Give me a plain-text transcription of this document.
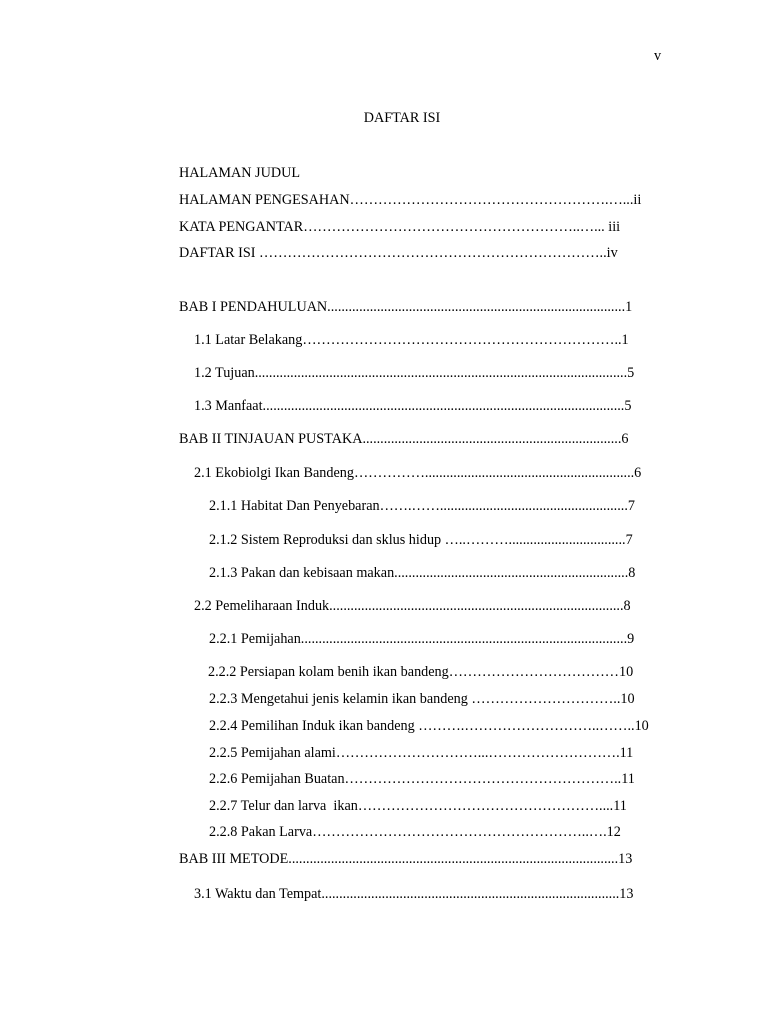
v
DAFTAR ISI
HALAMAN JUDUL
HALAMAN PENGESAHAN……………………………………………….…...ii
KATA PENGANTAR…………………………………………………..…... iii
DAFTAR ISI ………………………………………………………………..iv
BAB I PENDAHULUAN....................................................................................1
1.1 Latar Belakang…………………………………………………………..1
1.2 Tujuan.........................................................................................................5
1.3 Manfaat......................................................................................................5
BAB II TINJAUAN PUSTAKA.........................................................................6
2.1 Ekobiolgi Ikan Bandeng……………...........................................................6
2.1.1 Habitat Dan Penyebaran…….…….....................................................7
2.1.2 Sistem Reproduksi dan sklus hidup …..……….................................7
2.1.3 Pakan dan kebisaan makan..................................................................8
2.2 Pemeliharaan Induk...................................................................................8
2.2.1 Pemijahan............................................................................................9
2.2.2 Persiapan kolam benih ikan bandeng………………………………10
2.2.3 Mengetahui jenis kelamin ikan bandeng …………………………..10
2.2.4 Pemilihan Induk ikan bandeng ……….………………………..……..10
2.2.5 Pemijahan alami…………………………...……………………….11
2.2.6 Pemijahan Buatan…………………………………………………..11
2.2.7 Telur dan larva  ikan……………………………………………....11
2.2.8 Pakan Larva…………………………………………………..….12
BAB III METODE.............................................................................................13
3.1 Waktu dan Tempat....................................................................................13
